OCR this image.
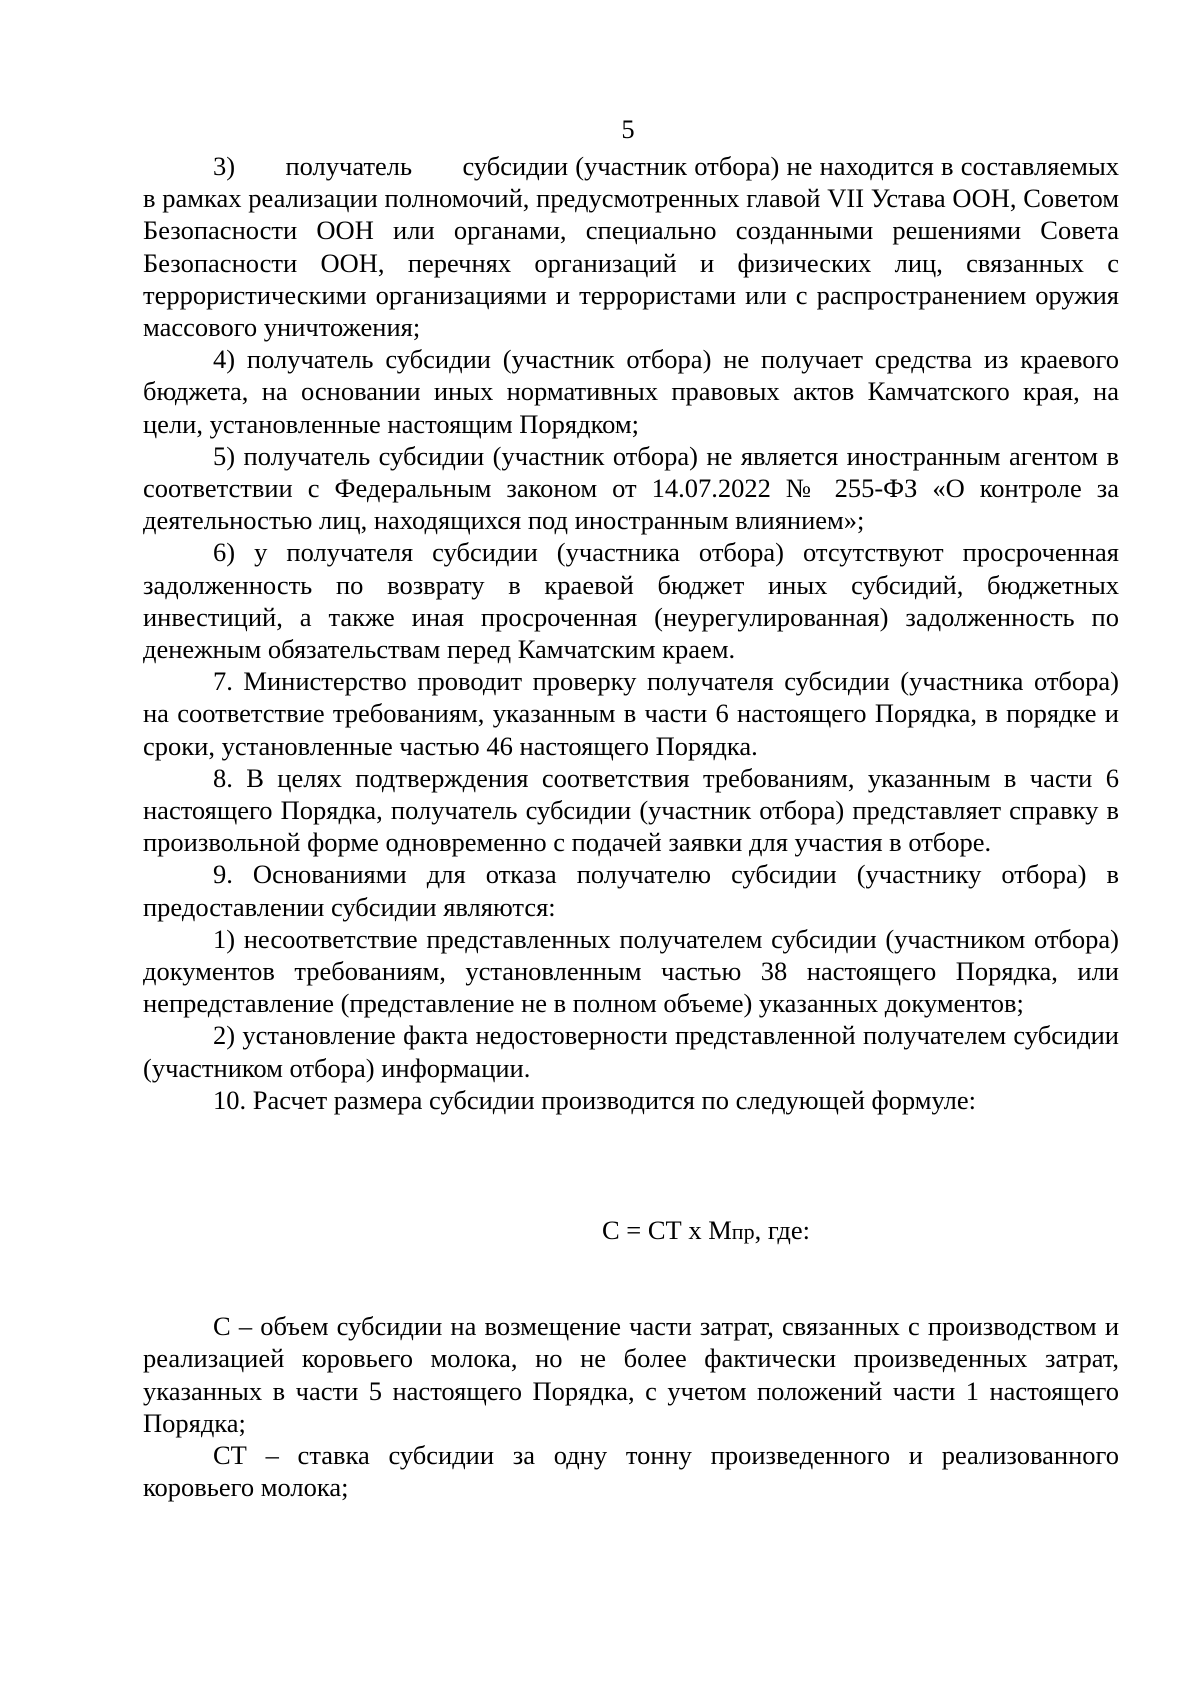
5

3)       получатель       субсидии (участник отбора) не находится в составляемых в рамках реализации полномочий, предусмотренных главой VII Устава ООН, Советом Безопасности ООН или органами, специально созданными решениями Совета Безопасности ООН, перечнях организаций и физических лиц, связанных с террористическими организациями и террористами или с распространением оружия массового уничтожения;

4) получатель субсидии (участник отбора) не получает средства из краевого бюджета, на основании иных нормативных правовых актов Камчатского края, на цели, установленные настоящим Порядком;

5) получатель субсидии (участник отбора) не является иностранным агентом в соответствии с Федеральным законом от 14.07.2022 № 255-ФЗ «О контроле за деятельностью лиц, находящихся под иностранным влиянием»;

6) у получателя субсидии (участника отбора) отсутствуют просроченная задолженность по возврату в краевой бюджет иных субсидий, бюджетных инвестиций, а также иная просроченная (неурегулированная) задолженность по денежным обязательствам перед Камчатским краем.

7. Министерство проводит проверку получателя субсидии (участника отбора) на соответствие требованиям, указанным в части 6 настоящего Порядка, в порядке и сроки, установленные частью 46 настоящего Порядка.

8. В целях подтверждения соответствия требованиям, указанным в части 6 настоящего Порядка, получатель субсидии (участник отбора) представляет справку в произвольной форме одновременно с подачей заявки для участия в отборе.

9. Основаниями для отказа получателю субсидии (участнику отбора) в предоставлении субсидии являются:

1) несоответствие представленных получателем субсидии (участником отбора) документов требованиям, установленным частью 38 настоящего Порядка, или непредставление (представление не в полном объеме) указанных документов;

2) установление факта недостоверности представленной получателем субсидии (участником отбора) информации.

10. Расчет размера субсидии производится по следующей формуле:

С = СТ х Мпр, где:

С – объем субсидии на возмещение части затрат, связанных с производством и реализацией коровьего молока, но не более фактически произведенных затрат, указанных в части 5 настоящего Порядка, с учетом положений части 1 настоящего Порядка;

СТ – ставка субсидии за одну тонну произведенного и реализованного коровьего молока;
